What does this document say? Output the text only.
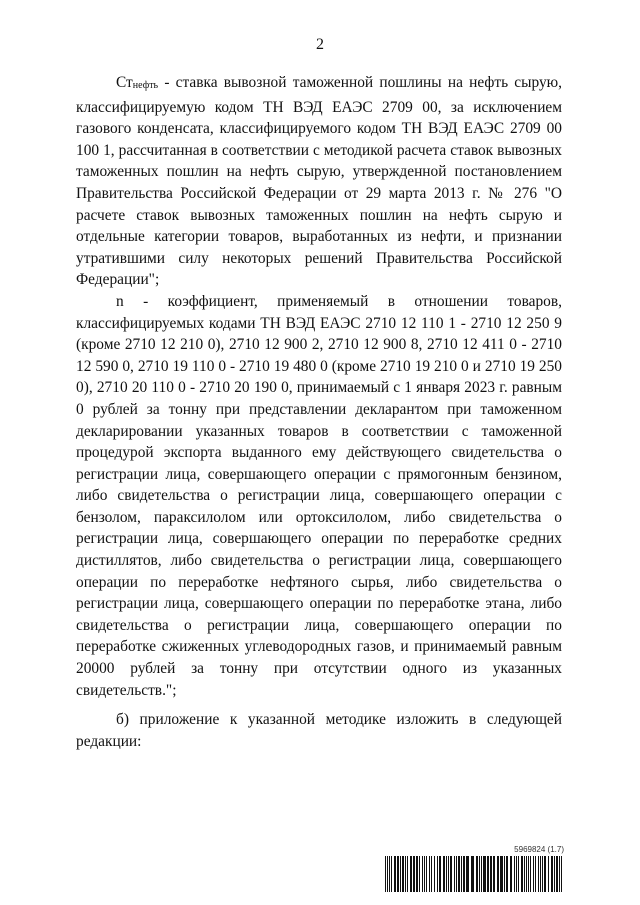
2

Стнефть - ставка вывозной таможенной пошлины на нефть сырую, классифицируемую кодом ТН ВЭД ЕАЭС 2709 00, за исключением газового конденсата, классифицируемого кодом ТН ВЭД ЕАЭС 2709 00 100 1, рассчитанная в соответствии с методикой расчета ставок вывозных таможенных пошлин на нефть сырую, утвержденной постановлением Правительства Российской Федерации от 29 марта 2013 г. № 276 "О расчете ставок вывозных таможенных пошлин на нефть сырую и отдельные категории товаров, выработанных из нефти, и признании утратившими силу некоторых решений Правительства Российской Федерации";

n - коэффициент, применяемый в отношении товаров, классифицируемых кодами ТН ВЭД ЕАЭС 2710 12 110 1 - 2710 12 250 9 (кроме 2710 12 210 0), 2710 12 900 2, 2710 12 900 8, 2710 12 411 0 - 2710 12 590 0, 2710 19 110 0 - 2710 19 480 0 (кроме 2710 19 210 0 и 2710 19 250 0), 2710 20 110 0 - 2710 20 190 0, принимаемый с 1 января 2023 г. равным 0 рублей за тонну при представлении декларантом при таможенном декларировании указанных товаров в соответствии с таможенной процедурой экспорта выданного ему действующего свидетельства о регистрации лица, совершающего операции с прямогонным бензином, либо свидетельства о регистрации лица, совершающего операции с бензолом, параксилолом или ортоксилолом, либо свидетельства о регистрации лица, совершающего операции по переработке средних дистиллятов, либо свидетельства о регистрации лица, совершающего операции по переработке нефтяного сырья, либо свидетельства о регистрации лица, совершающего операции по переработке этана, либо свидетельства о регистрации лица, совершающего операции по переработке сжиженных углеводородных газов, и принимаемый равным 20000 рублей за тонну при отсутствии одного из указанных свидетельств.";

б) приложение к указанной методике изложить в следующей редакции:

5969824 (1.7)
